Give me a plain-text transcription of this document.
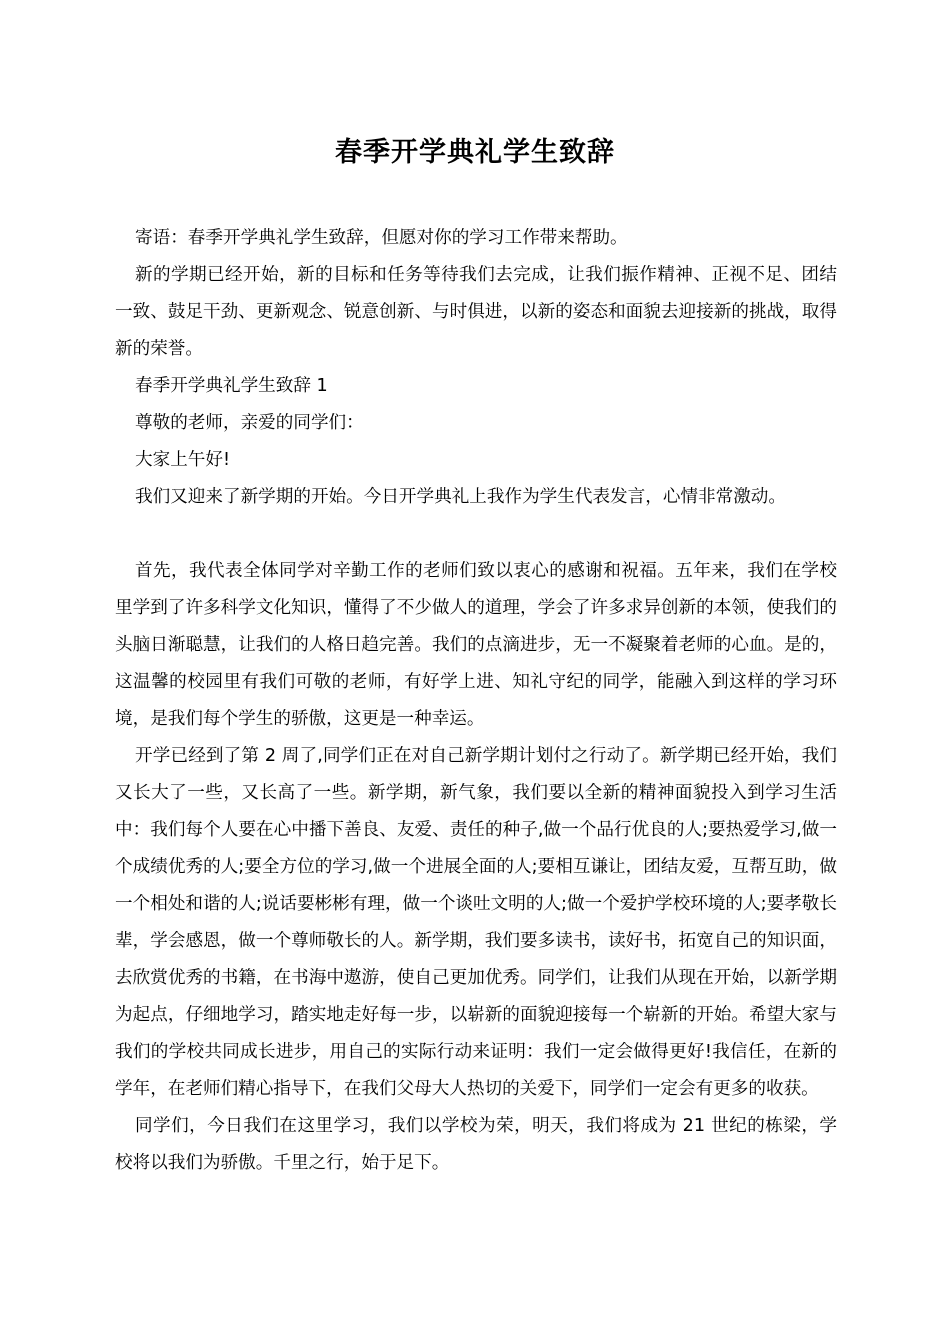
春季开学典礼学生致辞

寄语：春季开学典礼学生致辞，但愿对你的学习工作带来帮助。

新的学期已经开始，新的目标和任务等待我们去完成，让我们振作精神、正视不足、团结一致、鼓足干劲、更新观念、锐意创新、与时俱进，以新的姿态和面貌去迎接新的挑战，取得新的荣誉。

春季开学典礼学生致辞 1

尊敬的老师，亲爱的同学们：

大家上午好!

我们又迎来了新学期的开始。今日开学典礼上我作为学生代表发言，心情非常激动。

首先，我代表全体同学对辛勤工作的老师们致以衷心的感谢和祝福。五年来，我们在学校里学到了许多科学文化知识，懂得了不少做人的道理，学会了许多求异创新的本领，使我们的头脑日渐聪慧，让我们的人格日趋完善。我们的点滴进步，无一不凝聚着老师的心血。是的，这温馨的校园里有我们可敬的老师，有好学上进、知礼守纪的同学，能融入到这样的学习环境，是我们每个学生的骄傲，这更是一种幸运。

开学已经到了第 2 周了,同学们正在对自己新学期计划付之行动了。新学期已经开始，我们又长大了一些，又长高了一些。新学期，新气象，我们要以全新的精神面貌投入到学习生活中：我们每个人要在心中播下善良、友爱、责任的种子,做一个品行优良的人;要热爱学习,做一个成绩优秀的人;要全方位的学习,做一个进展全面的人;要相互谦让，团结友爱，互帮互助，做一个相处和谐的人;说话要彬彬有理，做一个谈吐文明的人;做一个爱护学校环境的人;要孝敬长辈，学会感恩，做一个尊师敬长的人。新学期，我们要多读书，读好书，拓宽自己的知识面，去欣赏优秀的书籍，在书海中遨游，使自己更加优秀。同学们，让我们从现在开始，以新学期为起点，仔细地学习，踏实地走好每一步，以崭新的面貌迎接每一个崭新的开始。希望大家与我们的学校共同成长进步，用自己的实际行动来证明：我们一定会做得更好!我信任，在新的学年，在老师们精心指导下，在我们父母大人热切的关爱下，同学们一定会有更多的收获。

同学们，今日我们在这里学习，我们以学校为荣，明天，我们将成为 21 世纪的栋梁，学校将以我们为骄傲。千里之行，始于足下。
